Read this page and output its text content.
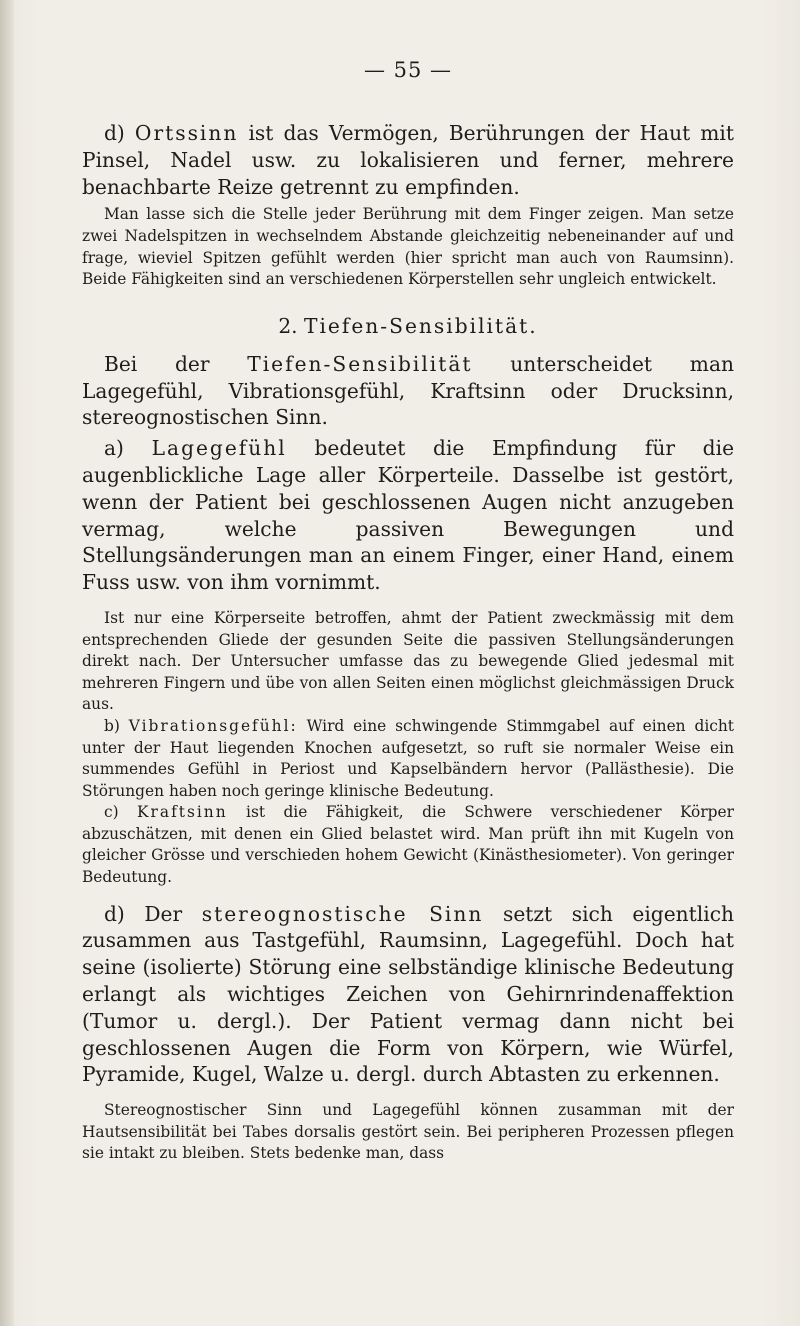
— 55 —

d) Ortssinn ist das Vermögen, Berührungen der Haut mit Pinsel, Nadel usw. zu lokalisieren und ferner, mehrere benachbarte Reize getrennt zu empfinden.

Man lasse sich die Stelle jeder Berührung mit dem Finger zeigen. Man setze zwei Nadelspitzen in wechselndem Abstande gleichzeitig nebeneinander auf und frage, wieviel Spitzen gefühlt werden (hier spricht man auch von Raumsinn). Beide Fähigkeiten sind an verschiedenen Körperstellen sehr ungleich entwickelt.

2. Tiefen-Sensibilität.

Bei der Tiefen-Sensibilität unterscheidet man Lagegefühl, Vibrationsgefühl, Kraftsinn oder Drucksinn, stereognostischen Sinn.

a) Lagegefühl bedeutet die Empfindung für die augenblickliche Lage aller Körperteile. Dasselbe ist gestört, wenn der Patient bei geschlossenen Augen nicht anzugeben vermag, welche passiven Bewegungen und Stellungsänderungen man an einem Finger, einer Hand, einem Fuss usw. von ihm vornimmt.

Ist nur eine Körperseite betroffen, ahmt der Patient zweckmässig mit dem entsprechenden Gliede der gesunden Seite die passiven Stellungsänderungen direkt nach. Der Untersucher umfasse das zu bewegende Glied jedesmal mit mehreren Fingern und übe von allen Seiten einen möglichst gleichmässigen Druck aus.

b) Vibrationsgefühl: Wird eine schwingende Stimmgabel auf einen dicht unter der Haut liegenden Knochen aufgesetzt, so ruft sie normaler Weise ein summendes Gefühl in Periost und Kapselbändern hervor (Pallästhesie). Die Störungen haben noch geringe klinische Bedeutung.

c) Kraftsinn ist die Fähigkeit, die Schwere verschiedener Körper abzuschätzen, mit denen ein Glied belastet wird. Man prüft ihn mit Kugeln von gleicher Grösse und verschieden hohem Gewicht (Kinästhesiometer). Von geringer Bedeutung.

d) Der stereognostische Sinn setzt sich eigentlich zusammen aus Tastgefühl, Raumsinn, Lagegefühl. Doch hat seine (isolierte) Störung eine selbständige klinische Bedeutung erlangt als wichtiges Zeichen von Gehirnrindenaffektion (Tumor u. dergl.). Der Patient vermag dann nicht bei geschlossenen Augen die Form von Körpern, wie Würfel, Pyramide, Kugel, Walze u. dergl. durch Abtasten zu erkennen.

Stereognostischer Sinn und Lagegefühl können zusamman mit der Hautsensibilität bei Tabes dorsalis gestört sein. Bei peripheren Prozessen pflegen sie intakt zu bleiben. Stets bedenke man, dass
